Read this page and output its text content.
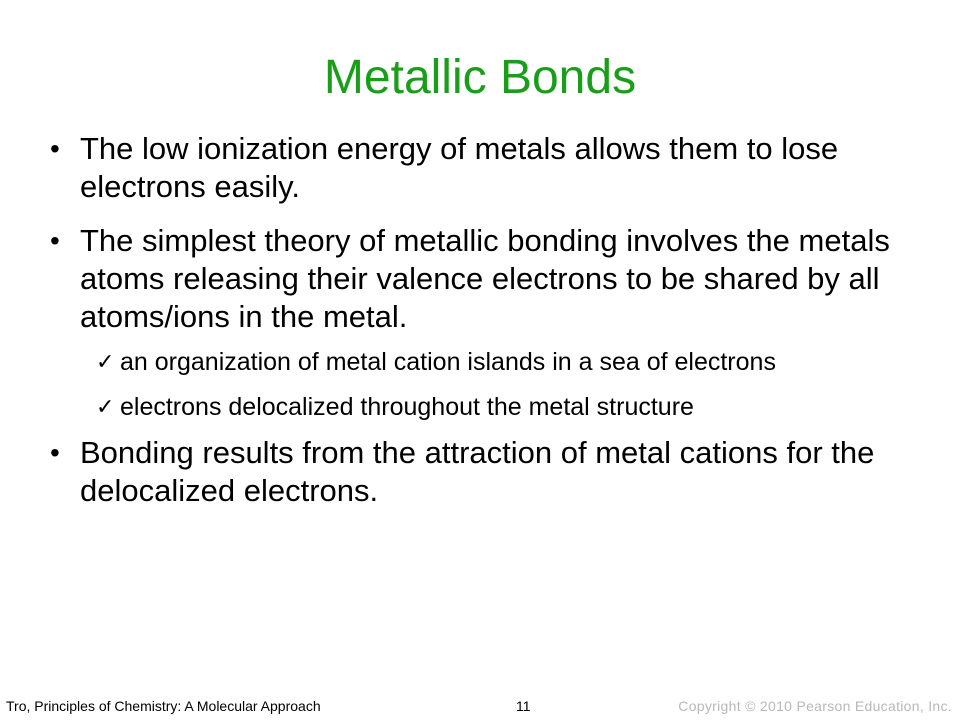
Metallic Bonds
• The low ionization energy of metals allows them to lose electrons easily.
• The simplest theory of metallic bonding involves the metals atoms releasing their valence electrons to be shared by all atoms/ions in the metal.
✓ an organization of metal cation islands in a sea of electrons
✓ electrons delocalized throughout the metal structure
• Bonding results from the attraction of metal cations for the delocalized electrons.
Tro, Principles of Chemistry: A Molecular Approach	11	Copyright © 2010 Pearson Education, Inc.
